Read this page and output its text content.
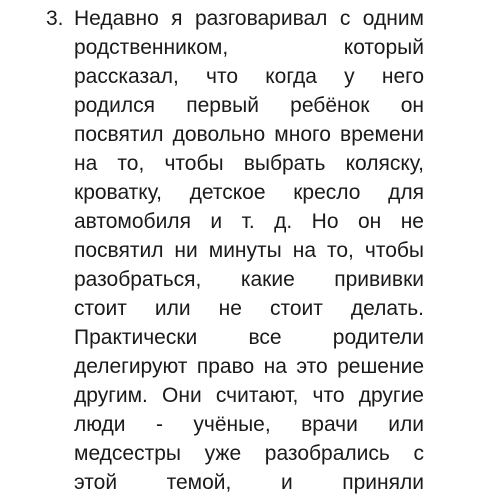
3. Недавно я разговаривал с одним
родственником, который
рассказал, что когда у него
родился первый ребёнок он
посвятил довольно много времени
на то, чтобы выбрать коляску,
кроватку, детское кресло для
автомобиля и т. д. Но он не
посвятил ни минуты на то, чтобы
разобраться, какие прививки
стоит или не стоит делать.
Практически все родители
делегируют право на это решение
другим. Они считают, что другие
люди - учёные, врачи или
медсестры уже разобрались с
этой темой, и приняли
